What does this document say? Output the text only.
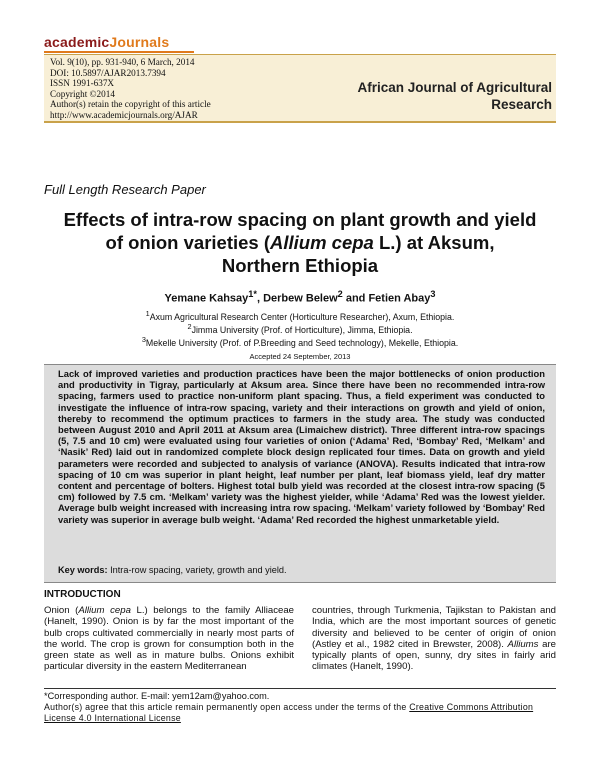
academicJournals
Vol. 9(10), pp. 931-940, 6 March, 2014
DOI: 10.5897/AJAR2013.7394
ISSN 1991-637X
Copyright ©2014
Author(s) retain the copyright of this article
http://www.academicjournals.org/AJAR
African Journal of Agricultural Research
Full Length Research Paper
Effects of intra-row spacing on plant growth and yield
of onion varieties (Allium cepa L.) at Aksum,
Northern Ethiopia
Yemane Kahsay$^{1*}$, Derbew Belew$^2$ and Fetien Abay$^3$
$^1$Axum Agricultural Research Center (Horticulture Researcher), Axum, Ethiopia.
$^2$Jimma University (Prof. of Horticulture), Jimma, Ethiopia.
$^3$Mekelle University (Prof. of P.Breeding and Seed technology), Mekelle, Ethiopia.
Accepted 24 September, 2013
Lack of improved varieties and production practices have been the major bottlenecks of onion production and productivity in Tigray, particularly at Aksum area. Since there have been no recommended intra-row spacing, farmers used to practice non-uniform plant spacing. Thus, a field experiment was conducted to investigate the influence of intra-row spacing, variety and their interactions on growth and yield of onion, thereby to recommend the optimum practices to farmers in the study area. The study was conducted between August 2010 and April 2011 at Aksum area (Limaichew district). Three different intra-row spacings (5, 7.5 and 10 cm) were evaluated using four varieties of onion (‘Adama’ Red, ‘Bombay’ Red, ‘Melkam’ and ‘Nasik’ Red) laid out in randomized complete block design replicated four times. Data on growth and yield parameters were recorded and subjected to analysis of variance (ANOVA). Results indicated that intra-row spacing of 10 cm was superior in plant height, leaf number per plant, leaf biomass yield, leaf dry matter content and percentage of bolters. Highest total bulb yield was recorded at the closest intra-row spacing (5 cm) followed by 7.5 cm. ‘Melkam’ variety was the highest yielder, while ‘Adama’ Red was the lowest yielder. Average bulb weight increased with increasing intra row spacing. ‘Melkam’ variety followed by ‘Bombay’ Red variety was superior in average bulb weight. ‘Adama’ Red recorded the highest unmarketable yield.
Key words: Intra-row spacing, variety, growth and yield.
INTRODUCTION
Onion (Allium cepa L.) belongs to the family Alliaceae (Hanelt, 1990). Onion is by far the most important of the bulb crops cultivated commercially in nearly most parts of the world. The crop is grown for consumption both in the green state as well as in mature bulbs. Onions exhibit particular diversity in the eastern Mediterranean
countries, through Turkmenia, Tajikstan to Pakistan and India, which are the most important sources of genetic diversity and believed to be center of origin of onion (Astley et al., 1982 cited in Brewster, 2008). Alliums are typically plants of open, sunny, dry sites in fairly arid climates (Hanelt, 1990).
*Corresponding author. E-mail: yem12am@yahoo.com.
Author(s) agree that this article remain permanently open access under the terms of the Creative Commons Attribution License 4.0 International License
